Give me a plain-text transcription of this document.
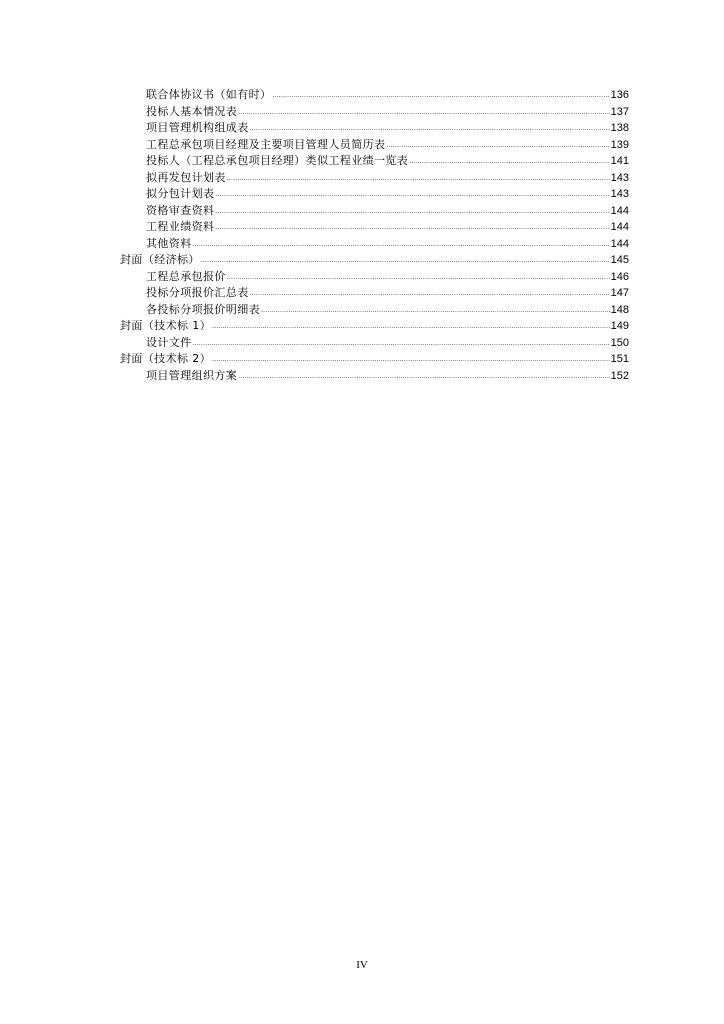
联合体协议书（如有时） .....	136
投标人基本情况表 .....	137
项目管理机构组成表 .....	138
工程总承包项目经理及主要项目管理人员简历表 .....	139
投标人（工程总承包项目经理）类似工程业绩一览表 .....	141
拟再发包计划表 .....	143
拟分包计划表 .....	143
资格审查资料 .....	144
工程业绩资料 .....	144
其他资料 .....	144
封面（经济标） .....	145
工程总承包报价 .....	146
投标分项报价汇总表 .....	147
各投标分项报价明细表 .....	148
封面（技术标 1） .....	149
设计文件 .....	150
封面（技术标 2） .....	151
项目管理组织方案 .....	152
IV
